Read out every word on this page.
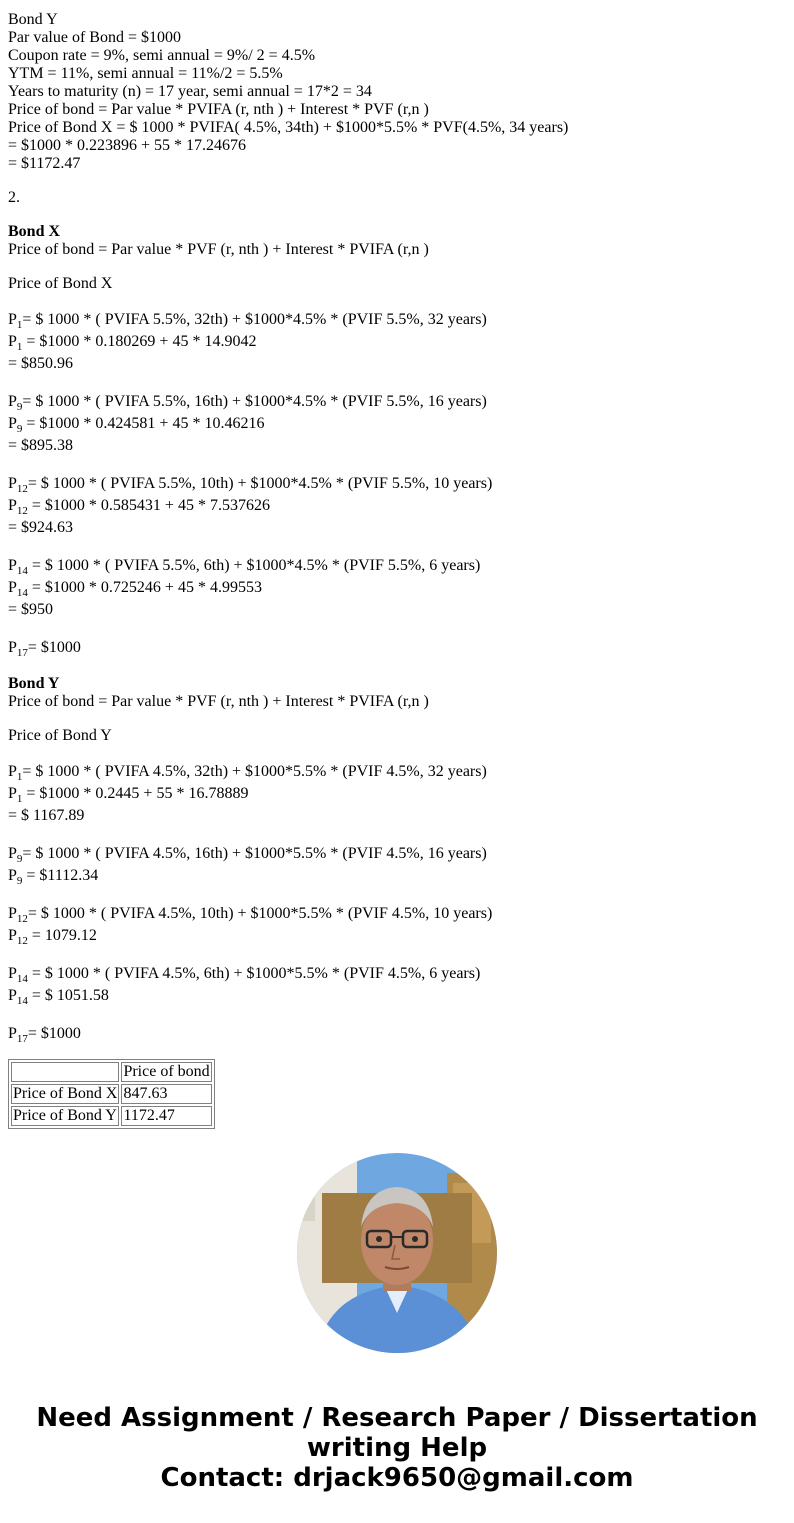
Bond Y
Par value of Bond = $1000
Coupon rate = 9%, semi annual = 9%/ 2 = 4.5%
YTM = 11%, semi annual = 11%/2 = 5.5%
Years to maturity (n) = 17 year, semi annual = 17*2 = 34
Price of bond = Par value * PVIFA (r, nth ) + Interest * PVF (r,n )
Price of Bond X = $ 1000 * PVIFA( 4.5%, 34th) + $1000*5.5% * PVF(4.5%, 34 years)
= $1000 * 0.223896 + 55 * 17.24676
= $1172.47
2.
Bond X
Price of bond = Par value * PVF (r, nth ) + Interest * PVIFA (r,n )
Price of Bond X
$P_1=$ $ 1000 * ( PVIFA 5.5%, 32th) + $1000*4.5% * (PVIF 5.5%, 32 years)
$P_1$ = $1000 * 0.180269 + 45 * 14.9042
= $850.96
$P_9=$ $ 1000 * ( PVIFA 5.5%, 16th) + $1000*4.5% * (PVIF 5.5%, 16 years)
$P_9$ = $1000 * 0.424581 + 45 * 10.46216
= $895.38
$P_{12}=$ $ 1000 * ( PVIFA 5.5%, 10th) + $1000*4.5% * (PVIF 5.5%, 10 years)
$P_{12}$ = $1000 * 0.585431 + 45 * 7.537626
= $924.63
$P_{14}$ = $ 1000 * ( PVIFA 5.5%, 6th) + $1000*4.5% * (PVIF 5.5%, 6 years)
$P_{14}$ = $1000 * 0.725246 + 45 * 4.99553
= $950
$P_{17}=$ $1000
Bond Y
Price of bond = Par value * PVF (r, nth ) + Interest * PVIFA (r,n )
Price of Bond Y
$P_1=$ $ 1000 * ( PVIFA 4.5%, 32th) + $1000*5.5% * (PVIF 4.5%, 32 years)
$P_1$ = $1000 * 0.2445 + 55 * 16.78889
= $ 1167.89
$P_9=$ $ 1000 * ( PVIFA 4.5%, 16th) + $1000*5.5% * (PVIF 4.5%, 16 years)
$P_9$ = $1112.34
$P_{12}=$ $ 1000 * ( PVIFA 4.5%, 10th) + $1000*5.5% * (PVIF 4.5%, 10 years)
$P_{12} = 1079.12$
$P_{14}$ = $ 1000 * ( PVIFA 4.5%, 6th) + $1000*5.5% * (PVIF 4.5%, 6 years)
$P_{14}$ = $ 1051.58
$P_{17}=$ $1000
	Price of bond
Price of Bond X	847.63
Price of Bond Y	1172.47
Need Assignment / Research Paper / Dissertation
writing Help
Contact: drjack9650@gmail.com
